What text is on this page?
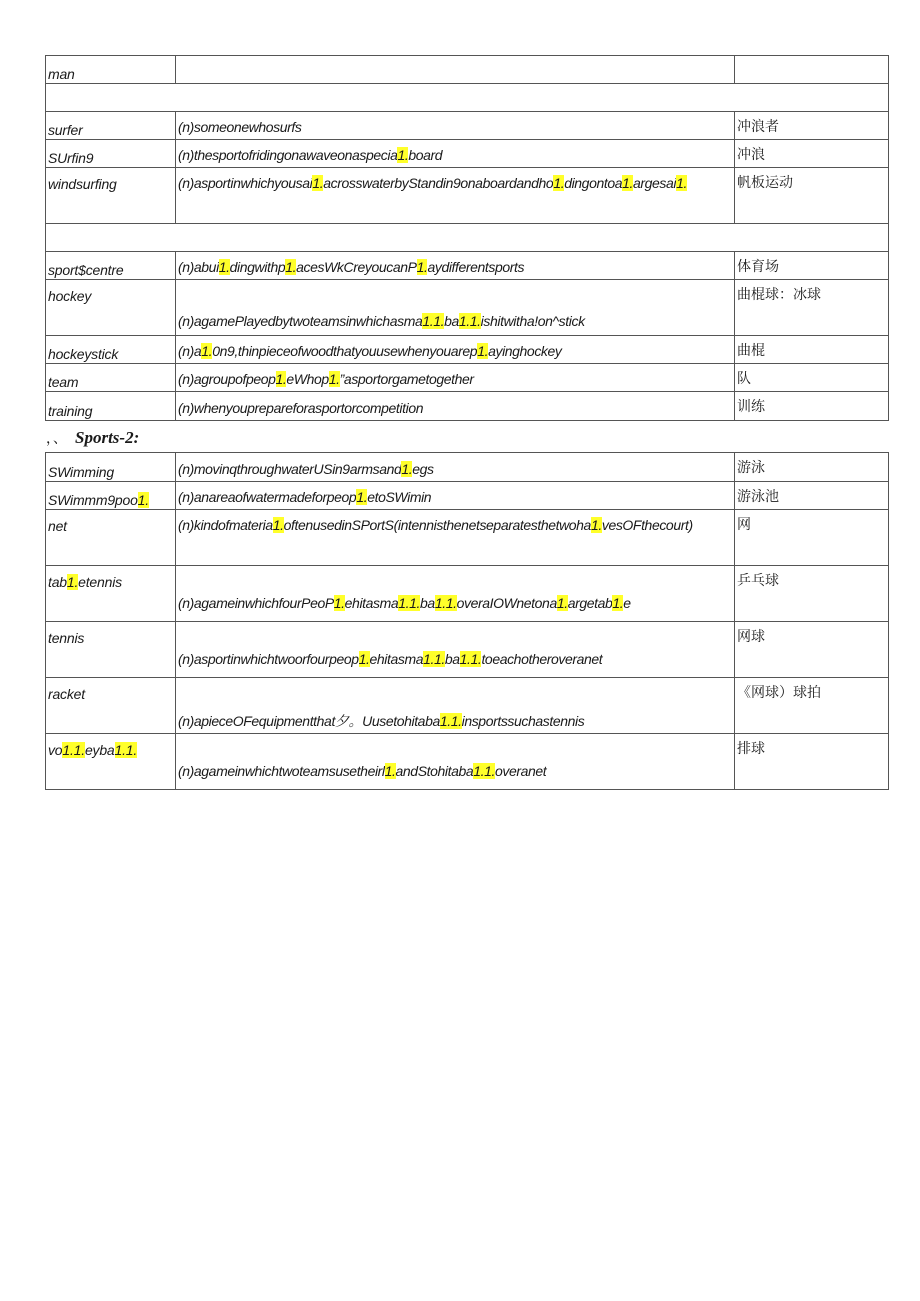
man		

surfer	(n)someonewhosurfs	冲浪者
SUrfin9	(n)thesportofridingonawaveonaspecia1.board	冲浪
windsurfing	(n)asportinwhichyousai1.acrosswaterbyStandin9onaboardandho1.dingontoa1.argesai1.	帆板运动

sport$centre	(n)abui1.dingwithp1.acesWkCreyoucanP1.aydifferentsports	体育场
hockey	(n)agamePlayedbytwoteamsinwhichasma1.1.ba1.1.ishitwitha!on^stick	曲棍球：冰球
hockeystick	(n)a1.0n9,thinpieceofwoodthatyouusewhenyouarep1.ayinghockey	曲棍
team	(n)agroupofpeop1.eWhop1.”asportorgametogether	队
training	(n)whenyouprepareforasportorcompetition	训练
，、 Sports-2:
SWimming	(n)movinqthroughwaterUSin9armsand1.egs	游泳
SWimmm9poo1.	(n)anareaofwatermadeforpeop1.etoSWimin	游泳池
net	(n)kindofmateria1.oftenusedinSPortS(intennisthenetseparatesthetwoha1.vesOFthecourt)	网
tab1.etennis	(n)agameinwhichfourPeoP1.ehitasma1.1.ba1.1.overaIOWnetona1.argetab1.e	乒乓球
tennis	(n)asportinwhichtwoorfourpeop1.ehitasma1.1.ba1.1.toeachotheroveranet	网球
racket	(n)apieceOFequipmentthat夕。Uusetohitaba1.1.insportssuchastennis	《网球）球拍
vo1.1.eyba1.1.	(n)agameinwhichtwoteamsusetheirl1.andStohitaba1.1.overanet	排球
